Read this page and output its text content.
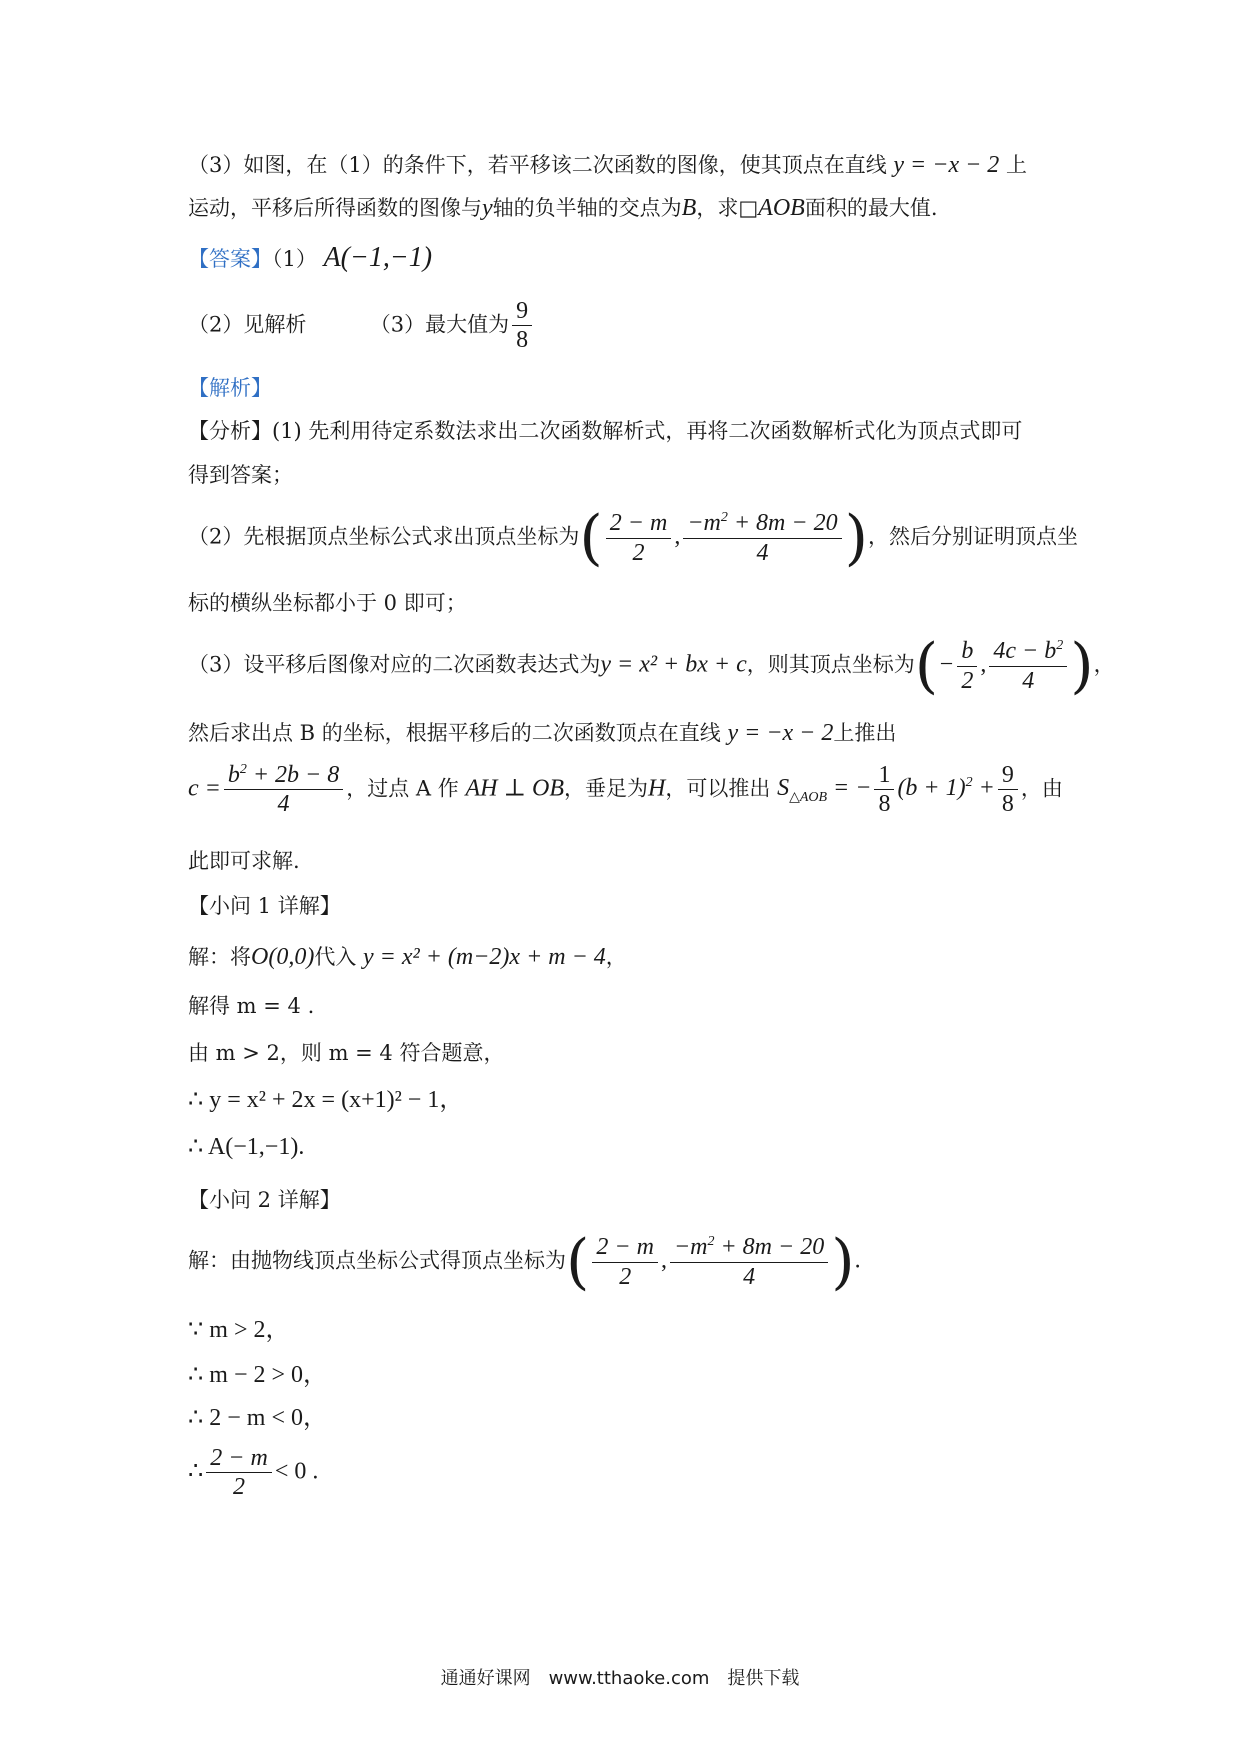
（3）如图，在（1）的条件下，若平移该二次函数的图像，使其顶点在直线 y = −x − 2 上
运动，平移后所得函数的图像与y轴的负半轴的交点为B，求□AOB面积的最大值.
【答案】（1） A(−1,−1)
（2）见解析	（3）最大值为 $\frac{9}{8}$
【解析】
【分析】(1) 先利用待定系数法求出二次函数解析式，再将二次函数解析式化为顶点式即可
得到答案；
（2）先根据顶点坐标公式求出顶点坐标为( $\frac{2 - m}{2}$ , $\frac{-m^2 + 8m - 20}{4}$ )，然后分别证明顶点坐
标的横纵坐标都小于 0 即可；
（3）设平移后图像对应的二次函数表达式为y = x² + bx + c，则其顶点坐标为(− $\frac{b}{2}$ , $\frac{4c - b^2}{4}$ )，
然后求出点 B 的坐标，根据平移后的二次函数顶点在直线 y = −x − 2上推出
$c = \frac{b^2 + 2b - 8}{4}$ ，过点 A 作 AH ⊥ OB，垂足为H，可以推出 $S_{\triangle AOB}$ = − $\frac{1}{8} (b + 1)^2 + \frac{9}{8}$ ，由
此即可求解.
【小问 1 详解】
解：将O(0,0)代入 y = x² + (m−2)x + m − 4，
解得 m = 4 .
由 m > 2，则 m = 4 符合题意，
∴ y = x² + 2x = (x+1)² − 1，
∴ A(−1,−1).
【小问 2 详解】
解：由抛物线顶点坐标公式得顶点坐标为( $\frac{2 - m}{2}$ , $\frac{-m^2 + 8m - 20}{4}$ ).
∵ m > 2，
∴ m − 2 > 0，
∴ 2 − m < 0，
∴ $\frac{2 - m}{2} < 0$ .
通通好课网　www.tthaoke.com　提供下载
